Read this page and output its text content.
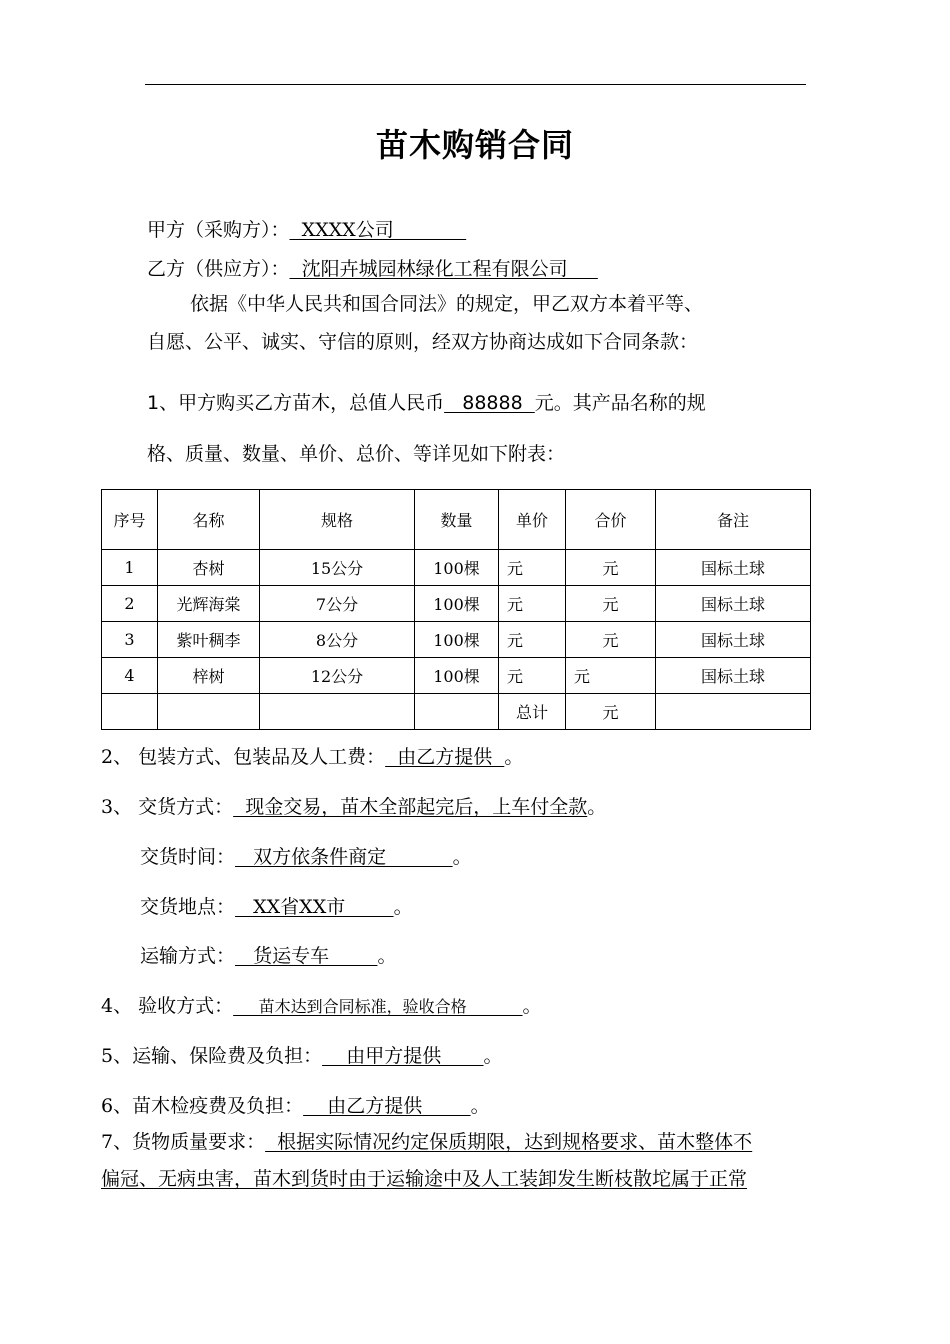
苗木购销合同
甲方（采购方）：  XXXX公司
乙方（供应方）：  沈阳卉城园林绿化工程有限公司
依据《中华人民共和国合同法》的规定，甲乙双方本着平等、
自愿、公平、诚实、守信的原则，经双方协商达成如下合同条款：
1、甲方购买乙方苗木，总值人民币   88888  元。其产品名称的规
格、质量、数量、单价、总价、等详见如下附表：
序号	名称	规格	数量	单价	合价	备注
1	杏树	15公分	100棵	元	元	国标土球
2	光辉海棠	7公分	100棵	元	元	国标土球
3	紫叶稠李	8公分	100棵	元	元	国标土球
4	梓树	12公分	100棵	元	元	国标土球
				总计	元	
2、 包装方式、包装品及人工费：  由乙方提供  。
3、 交货方式：  现金交易，苗木全部起完后，上车付全款。
交货时间：   双方依条件商定           。
交货地点：   XX省XX市        。
运输方式：   货运专车        。
4、 验收方式：     苗木达到合同标准，验收合格           。
5、运输、保险费及负担：    由甲方提供       。
6、苗木检疫费及负担：    由乙方提供        。
7、货物质量要求：  根据实际情况约定保质期限，达到规格要求、苗木整体不
偏冠、无病虫害，苗木到货时由于运输途中及人工装卸发生断枝散坨属于正常
